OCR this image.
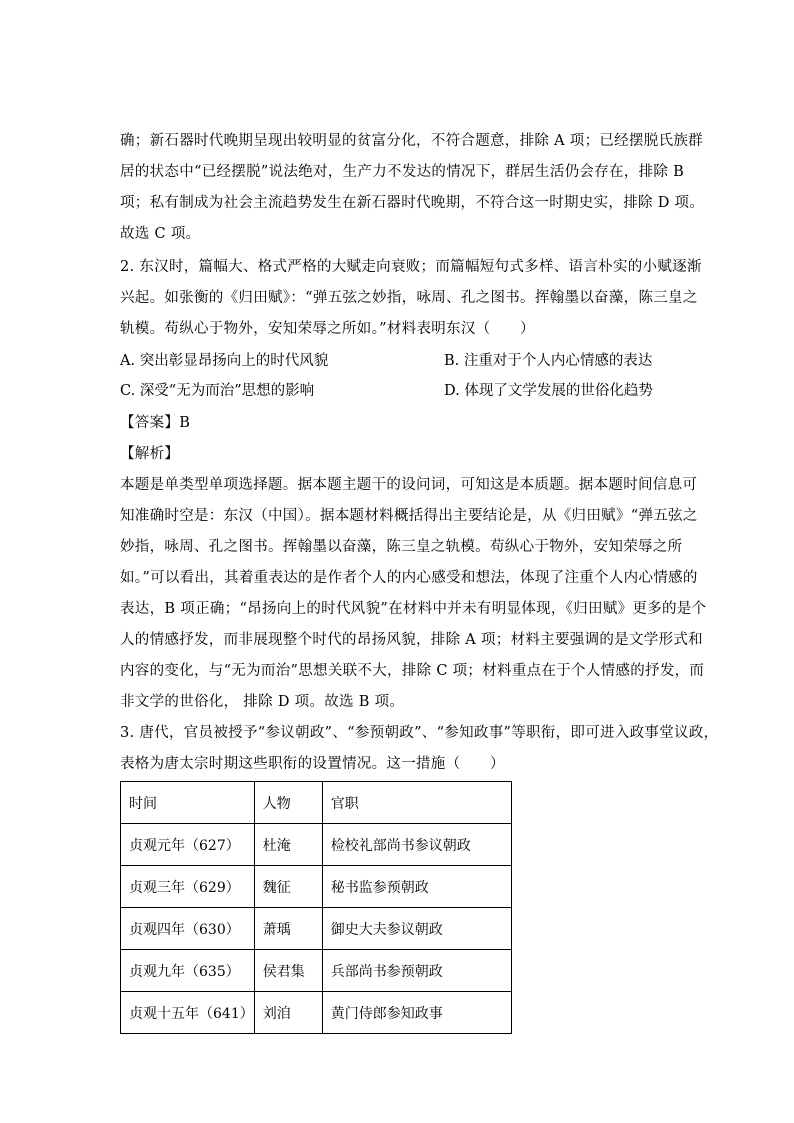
确；新石器时代晚期呈现出较明显的贫富分化，不符合题意，排除 A 项；已经摆脱氏族群
居的状态中“已经摆脱”说法绝对，生产力不发达的情况下，群居生活仍会存在，排除 B
项；私有制成为社会主流趋势发生在新石器时代晚期，不符合这一时期史实，排除 D 项。
故选 C 项。
2. 东汉时，篇幅大、格式严格的大赋走向衰败；而篇幅短句式多样、语言朴实的小赋逐渐
兴起。如张衡的《归田赋》：“弹五弦之妙指，咏周、孔之图书。挥翰墨以奋藻，陈三皇之
轨模。苟纵心于物外，安知荣辱之所如。”材料表明东汉（　　）
A. 突出彰显昂扬向上的时代风貌	B. 注重对于个人内心情感的表达
C. 深受“无为而治”思想的影响	D. 体现了文学发展的世俗化趋势
【答案】B
【解析】
本题是单类型单项选择题。据本题主题干的设问词，可知这是本质题。据本题时间信息可
知准确时空是：东汉（中国）。据本题材料概括得出主要结论是，从《归田赋》“弹五弦之
妙指，咏周、孔之图书。挥翰墨以奋藻，陈三皇之轨模。苟纵心于物外，安知荣辱之所
如。”可以看出，其着重表达的是作者个人的内心感受和想法，体现了注重个人内心情感的
表达，B 项正确；“昂扬向上的时代风貌”在材料中并未有明显体现，《归田赋》更多的是个
人的情感抒发，而非展现整个时代的昂扬风貌，排除 A 项；材料主要强调的是文学形式和
内容的变化，与“无为而治”思想关联不大，排除 C 项；材料重点在于个人情感的抒发，而
非文学的世俗化， 排除 D 项。故选 B 项。
3. 唐代，官员被授予“参议朝政”、“参预朝政”、“参知政事”等职衔，即可进入政事堂议政，
表格为唐太宗时期这些职衔的设置情况。这一措施（　　）
时间	人物	官职
贞观元年（627）	杜淹	检校礼部尚书参议朝政
贞观三年（629）	魏征	秘书监参预朝政
贞观四年（630）	萧瑀	御史大夫参议朝政
贞观九年（635）	侯君集	兵部尚书参预朝政
贞观十五年（641）	刘洎	黄门侍郎参知政事
